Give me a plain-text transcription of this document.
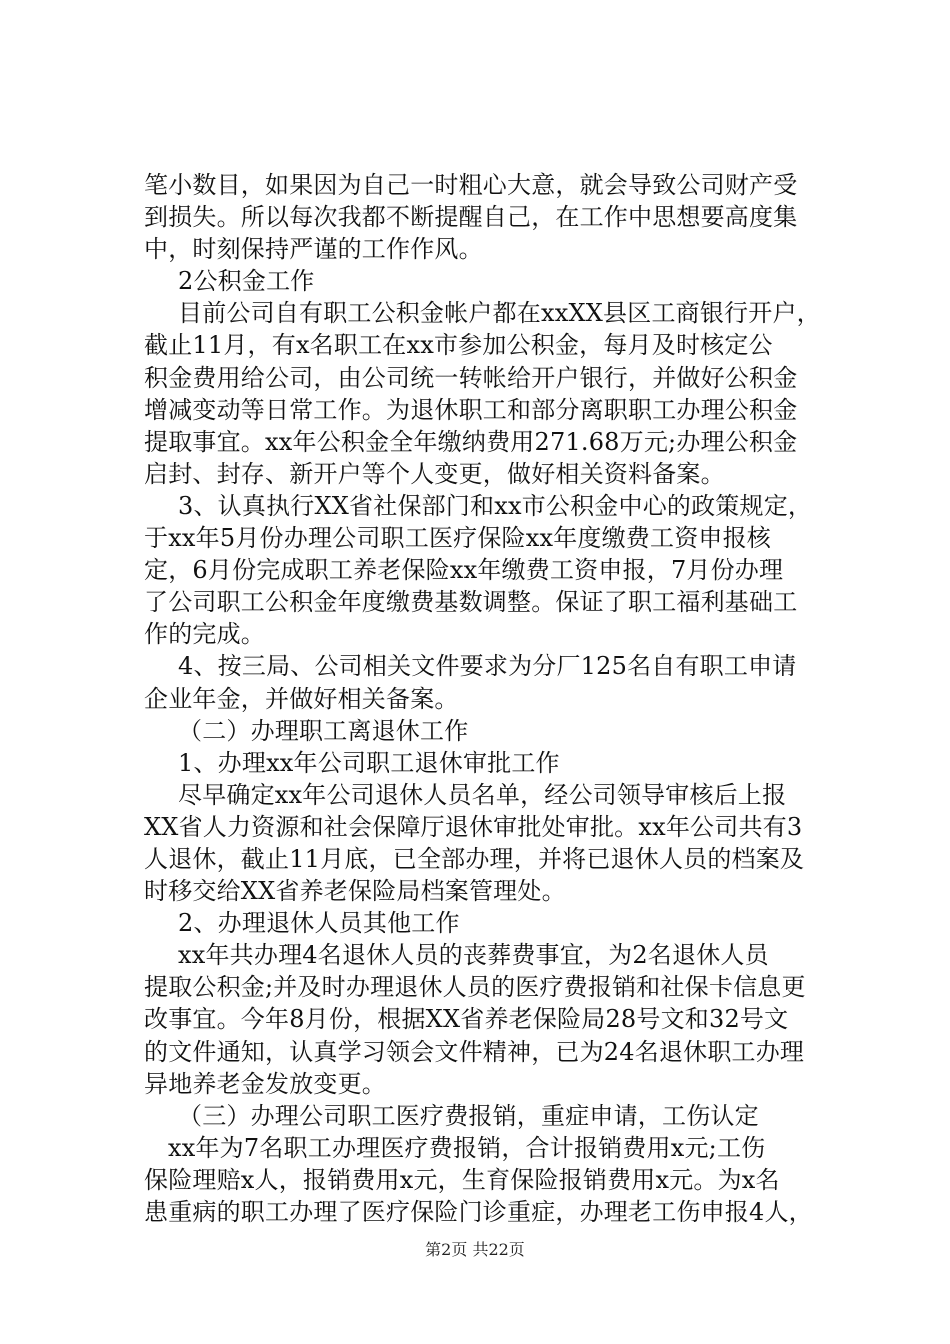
笔小数目，如果因为自己一时粗心大意，就会导致公司财产受
到损失。所以每次我都不断提醒自己，在工作中思想要高度集
中，时刻保持严谨的工作作风。
2公积金工作
目前公司自有职工公积金帐户都在xxXX县区工商银行开户，
截止11月，有x名职工在xx市参加公积金，每月及时核定公
积金费用给公司，由公司统一转帐给开户银行，并做好公积金
增减变动等日常工作。为退休职工和部分离职职工办理公积金
提取事宜。xx年公积金全年缴纳费用271.68万元;办理公积金
启封、封存、新开户等个人变更，做好相关资料备案。
3、认真执行XX省社保部门和xx市公积金中心的政策规定，
于xx年5月份办理公司职工医疗保险xx年度缴费工资申报核
定，6月份完成职工养老保险xx年缴费工资申报，7月份办理
了公司职工公积金年度缴费基数调整。保证了职工福利基础工
作的完成。
4、按三局、公司相关文件要求为分厂125名自有职工申请
企业年金，并做好相关备案。
（二）办理职工离退休工作
1、办理xx年公司职工退休审批工作
尽早确定xx年公司退休人员名单，经公司领导审核后上报
XX省人力资源和社会保障厅退休审批处审批。xx年公司共有3
人退休，截止11月底，已全部办理，并将已退休人员的档案及
时移交给XX省养老保险局档案管理处。
2、办理退休人员其他工作
xx年共办理4名退休人员的丧葬费事宜，为2名退休人员
提取公积金;并及时办理退休人员的医疗费报销和社保卡信息更
改事宜。今年8月份，根据XX省养老保险局28号文和32号文
的文件通知，认真学习领会文件精神，已为24名退休职工办理
异地养老金发放变更。
（三）办理公司职工医疗费报销，重症申请，工伤认定
xx年为7名职工办理医疗费报销，合计报销费用x元;工伤
保险理赔x人，报销费用x元，生育保险报销费用x元。为x名
患重病的职工办理了医疗保险门诊重症，办理老工伤申报4人，
第2页 共22页
